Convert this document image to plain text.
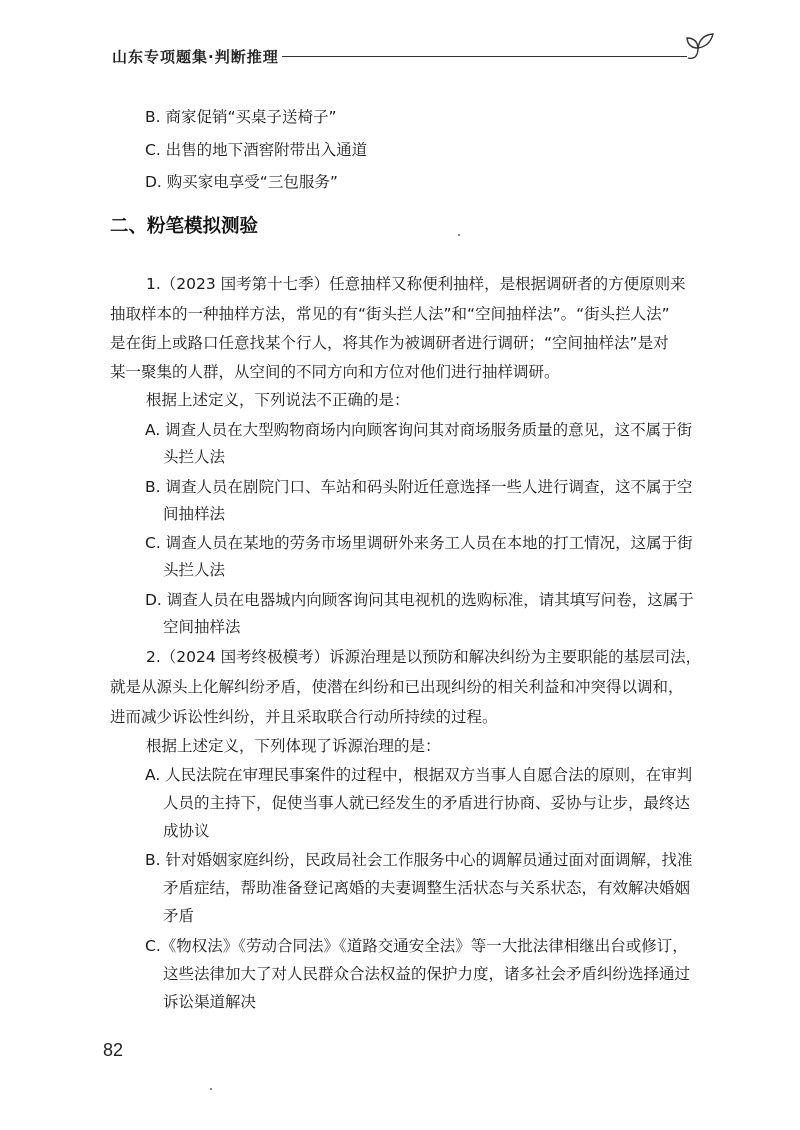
山东专项题集·判断推理
B. 商家促销“买桌子送椅子”
C. 出售的地下酒窖附带出入通道
D. 购买家电享受“三包服务”
二、粉笔模拟测验
1.（2023 国考第十七季）任意抽样又称便利抽样，是根据调研者的方便原则来
抽取样本的一种抽样方法，常见的有“街头拦人法”和“空间抽样法”。“街头拦人法”
是在街上或路口任意找某个行人，将其作为被调研者进行调研；“空间抽样法”是对
某一聚集的人群，从空间的不同方向和方位对他们进行抽样调研。
根据上述定义，下列说法不正确的是：
A. 调查人员在大型购物商场内向顾客询问其对商场服务质量的意见，这不属于街
头拦人法
B. 调查人员在剧院门口、车站和码头附近任意选择一些人进行调查，这不属于空
间抽样法
C. 调查人员在某地的劳务市场里调研外来务工人员在本地的打工情况，这属于街
头拦人法
D. 调查人员在电器城内向顾客询问其电视机的选购标准，请其填写问卷，这属于
空间抽样法
2.（2024 国考终极模考）诉源治理是以预防和解决纠纷为主要职能的基层司法，
就是从源头上化解纠纷矛盾，使潜在纠纷和已出现纠纷的相关利益和冲突得以调和，
进而减少诉讼性纠纷，并且采取联合行动所持续的过程。
根据上述定义，下列体现了诉源治理的是：
A. 人民法院在审理民事案件的过程中，根据双方当事人自愿合法的原则，在审判
人员的主持下，促使当事人就已经发生的矛盾进行协商、妥协与让步，最终达
成协议
B. 针对婚姻家庭纠纷，民政局社会工作服务中心的调解员通过面对面调解，找准
矛盾症结，帮助准备登记离婚的夫妻调整生活状态与关系状态，有效解决婚姻
矛盾
C.《物权法》《劳动合同法》《道路交通安全法》等一大批法律相继出台或修订，
这些法律加大了对人民群众合法权益的保护力度，诸多社会矛盾纠纷选择通过
诉讼渠道解决
82
